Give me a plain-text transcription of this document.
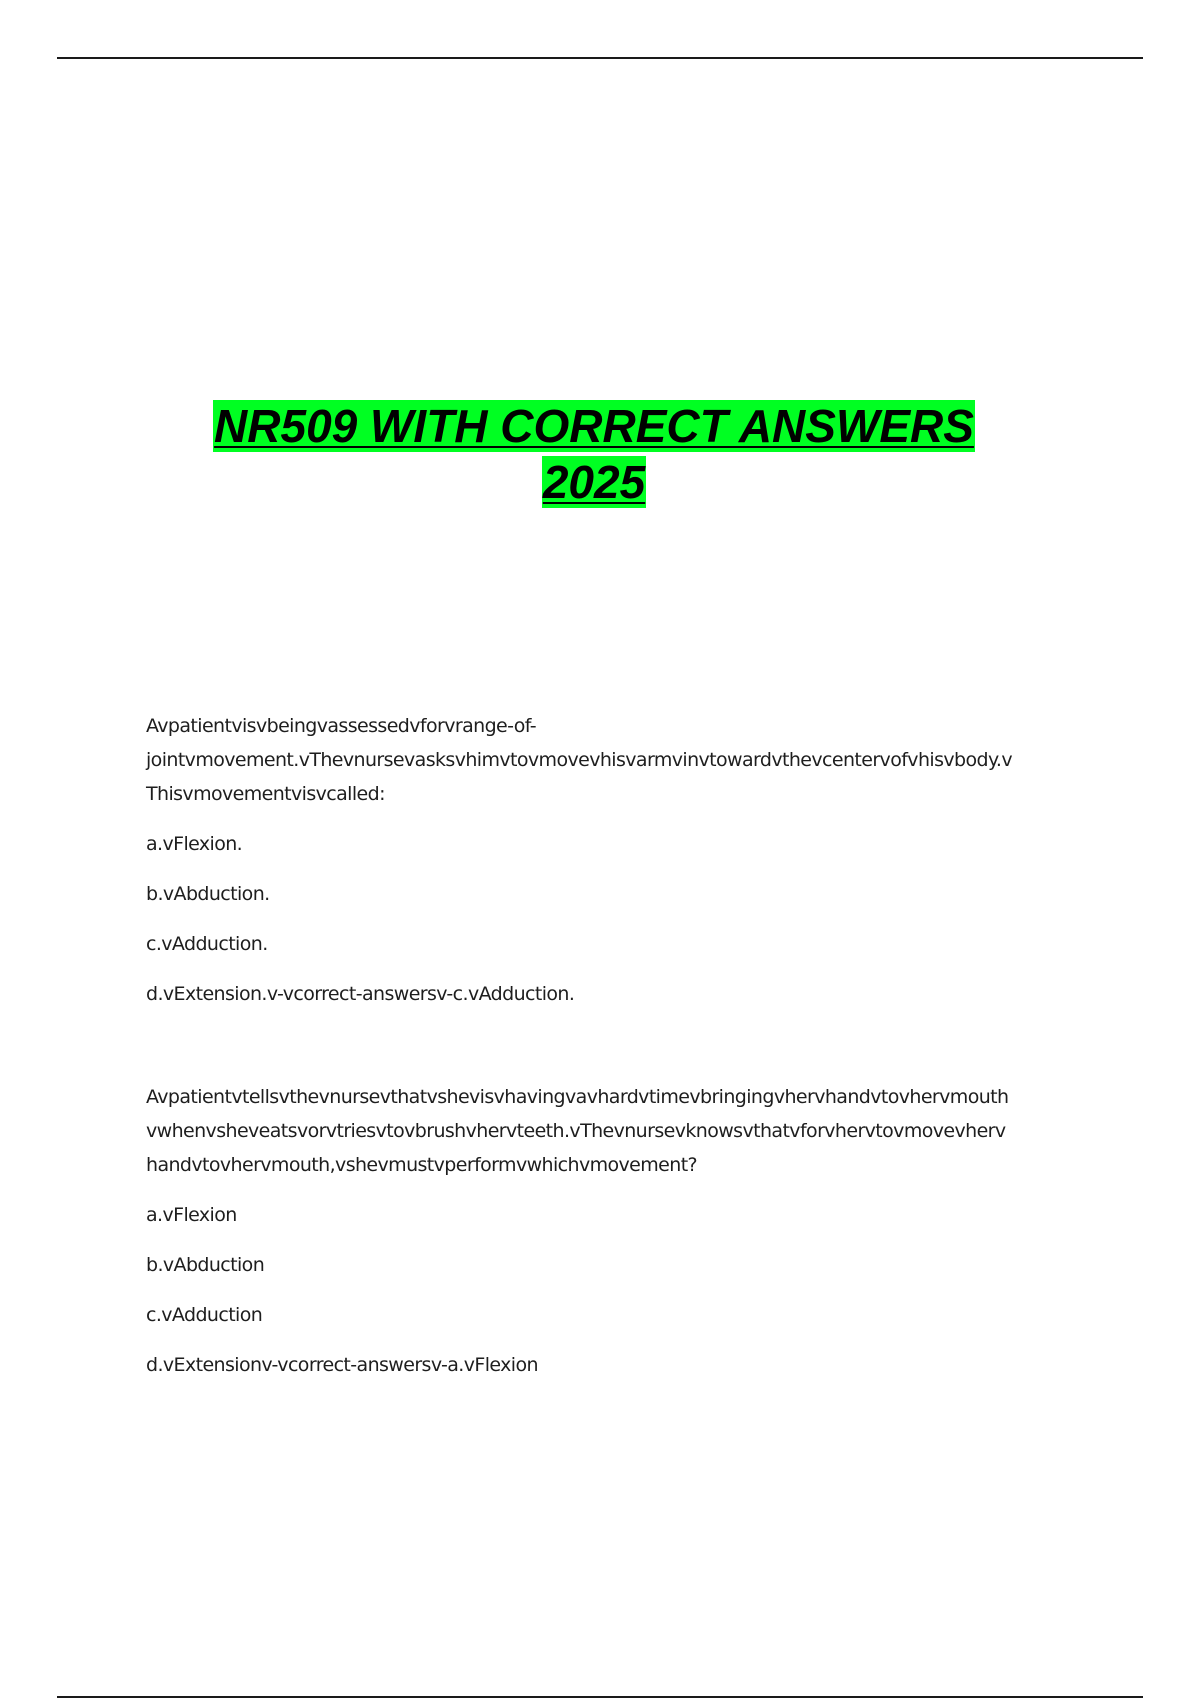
NR509 WITH CORRECT ANSWERS
2025
Avpatientvisvbeingvassessedvforvrange-of-
jointvmovement.vThevnursevasksvhimvtovmovevhisvarmvinvtowardvthevcentervofvhisvbody.v
Thisvmovementvisvcalled:
a.vFlexion.
b.vAbduction.
c.vAdduction.
d.vExtension.v-vcorrect-answersv-c.vAdduction.
Avpatientvtellsvthevnursevthatvshevisvhavingvavhardvtimevbringingvhervhandvtovhervmouth
vwhenvsheveatsvorvtriesvtovbrushvhervteeth.vThevnursevknowsvthatvforvhervtovmovevherv
handvtovhervmouth,vshevmustvperformvwhichvmovement?
a.vFlexion
b.vAbduction
c.vAdduction
d.vExtensionv-vcorrect-answersv-a.vFlexion
